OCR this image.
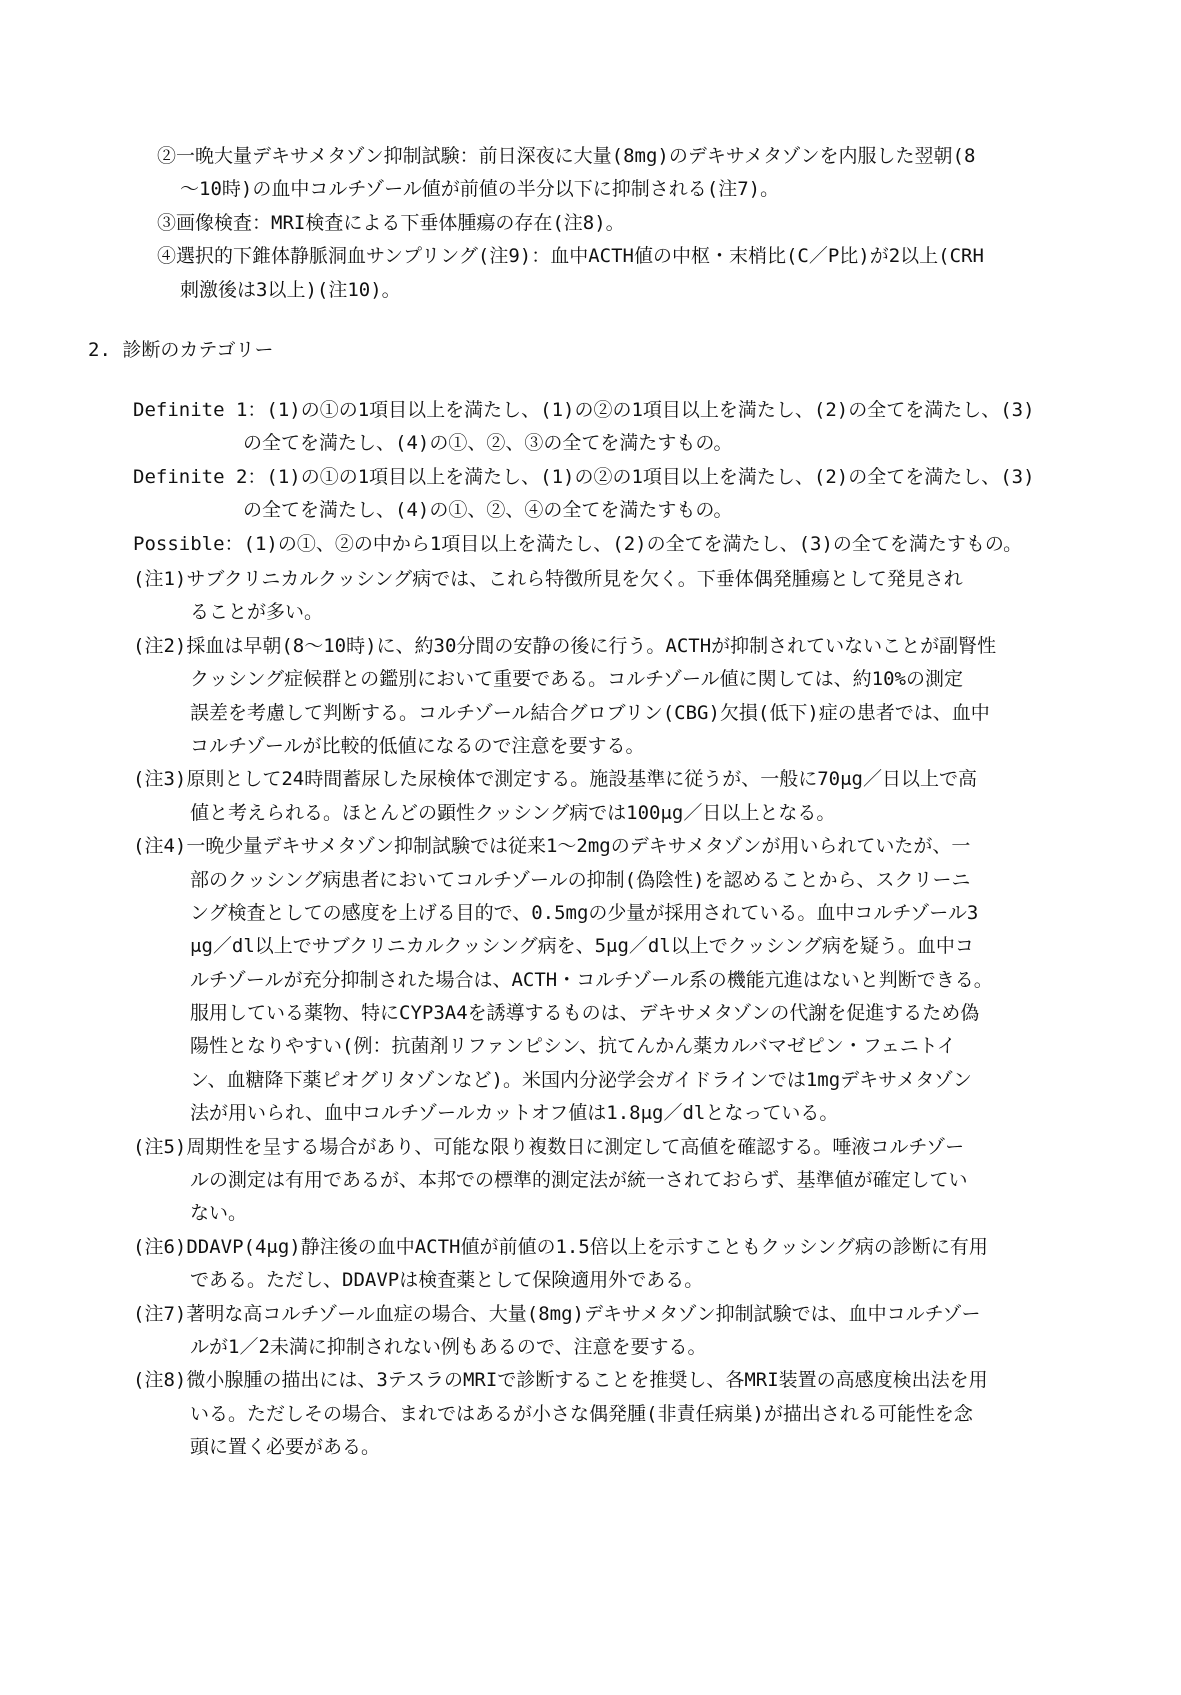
②一晩大量デキサメタゾン抑制試験：前日深夜に大量(8mg)のデキサメタゾンを内服した翌朝(8
～10時)の血中コルチゾール値が前値の半分以下に抑制される(注7)。
③画像検査：MRI検査による下垂体腫瘍の存在(注8)。
④選択的下錐体静脈洞血サンプリング(注9)：血中ACTH値の中枢・末梢比(C／P比)が2以上(CRH
刺激後は3以上)(注10)。
2. 診断のカテゴリー
Definite 1：(1)の①の1項目以上を満たし、(1)の②の1項目以上を満たし、(2)の全てを満たし、(3)
の全てを満たし、(4)の①、②、③の全てを満たすもの。
Definite 2：(1)の①の1項目以上を満たし、(1)の②の1項目以上を満たし、(2)の全てを満たし、(3)
の全てを満たし、(4)の①、②、④の全てを満たすもの。
Possible：(1)の①、②の中から1項目以上を満たし、(2)の全てを満たし、(3)の全てを満たすもの。
(注1)サブクリニカルクッシング病では、これら特徴所見を欠く。下垂体偶発腫瘍として発見され
ることが多い。
(注2)採血は早朝(8～10時)に、約30分間の安静の後に行う。ACTHが抑制されていないことが副腎性
クッシング症候群との鑑別において重要である。コルチゾール値に関しては、約10%の測定
誤差を考慮して判断する。コルチゾール結合グロブリン(CBG)欠損(低下)症の患者では、血中
コルチゾールが比較的低値になるので注意を要する。
(注3)原則として24時間蓄尿した尿検体で測定する。施設基準に従うが、一般に70μg／日以上で高
値と考えられる。ほとんどの顕性クッシング病では100μg／日以上となる。
(注4)一晩少量デキサメタゾン抑制試験では従来1～2mgのデキサメタゾンが用いられていたが、一
部のクッシング病患者においてコルチゾールの抑制(偽陰性)を認めることから、スクリーニ
ング検査としての感度を上げる目的で、0.5mgの少量が採用されている。血中コルチゾール3
μg／dl以上でサブクリニカルクッシング病を、5μg／dl以上でクッシング病を疑う。血中コ
ルチゾールが充分抑制された場合は、ACTH・コルチゾール系の機能亢進はないと判断できる。
服用している薬物、特にCYP3A4を誘導するものは、デキサメタゾンの代謝を促進するため偽
陽性となりやすい(例：抗菌剤リファンピシン、抗てんかん薬カルバマゼピン・フェニトイ
ン、血糖降下薬ピオグリタゾンなど)。米国内分泌学会ガイドラインでは1mgデキサメタゾン
法が用いられ、血中コルチゾールカットオフ値は1.8μg／dlとなっている。
(注5)周期性を呈する場合があり、可能な限り複数日に測定して高値を確認する。唾液コルチゾー
ルの測定は有用であるが、本邦での標準的測定法が統一されておらず、基準値が確定してい
ない。
(注6)DDAVP(4μg)静注後の血中ACTH値が前値の1.5倍以上を示すこともクッシング病の診断に有用
である。ただし、DDAVPは検査薬として保険適用外である。
(注7)著明な高コルチゾール血症の場合、大量(8mg)デキサメタゾン抑制試験では、血中コルチゾー
ルが1／2未満に抑制されない例もあるので、注意を要する。
(注8)微小腺腫の描出には、3テスラのMRIで診断することを推奨し、各MRI装置の高感度検出法を用
いる。ただしその場合、まれではあるが小さな偶発腫(非責任病巣)が描出される可能性を念
頭に置く必要がある。
